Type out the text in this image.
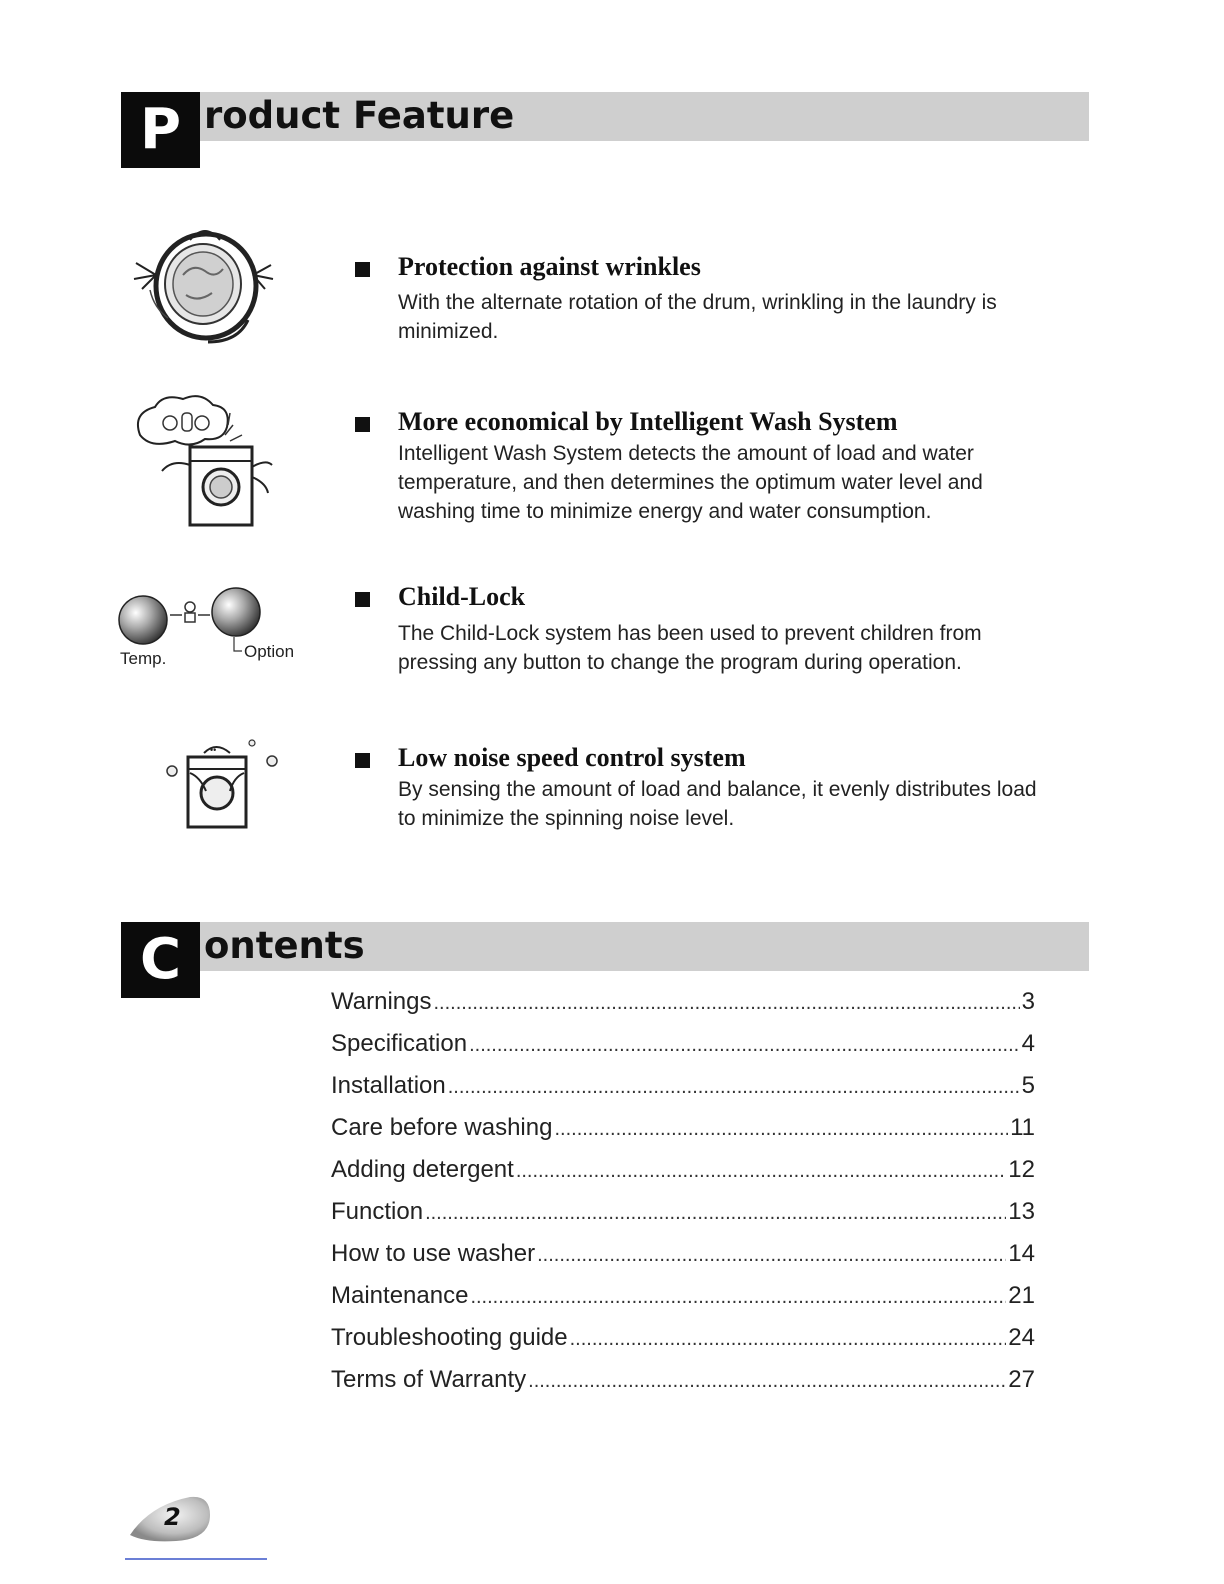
P roduct Feature
••
Protection against wrinkles
With the alternate rotation of the drum, wrinkling in the laundry is minimized.
More economical by Intelligent Wash System
Intelligent Wash System detects the amount of load and water temperature, and then determines the optimum water level and washing time to minimize energy and water consumption.
Temp.	Option
Child-Lock
The Child-Lock system has been used to prevent children from pressing any button to change the program during operation.
••	Low noise speed control system
By sensing the amount of load and balance, it evenly distributes load to minimize the spinning noise level.
C ontents
Warnings .....	3
Specification .....	4
Installation .....	5
Care before washing .....	11
Adding detergent .....	12
Function .....	13
How to use washer .....	14
Maintenance .....	21
Troubleshooting guide .....	24
Terms of Warranty .....	27
2
